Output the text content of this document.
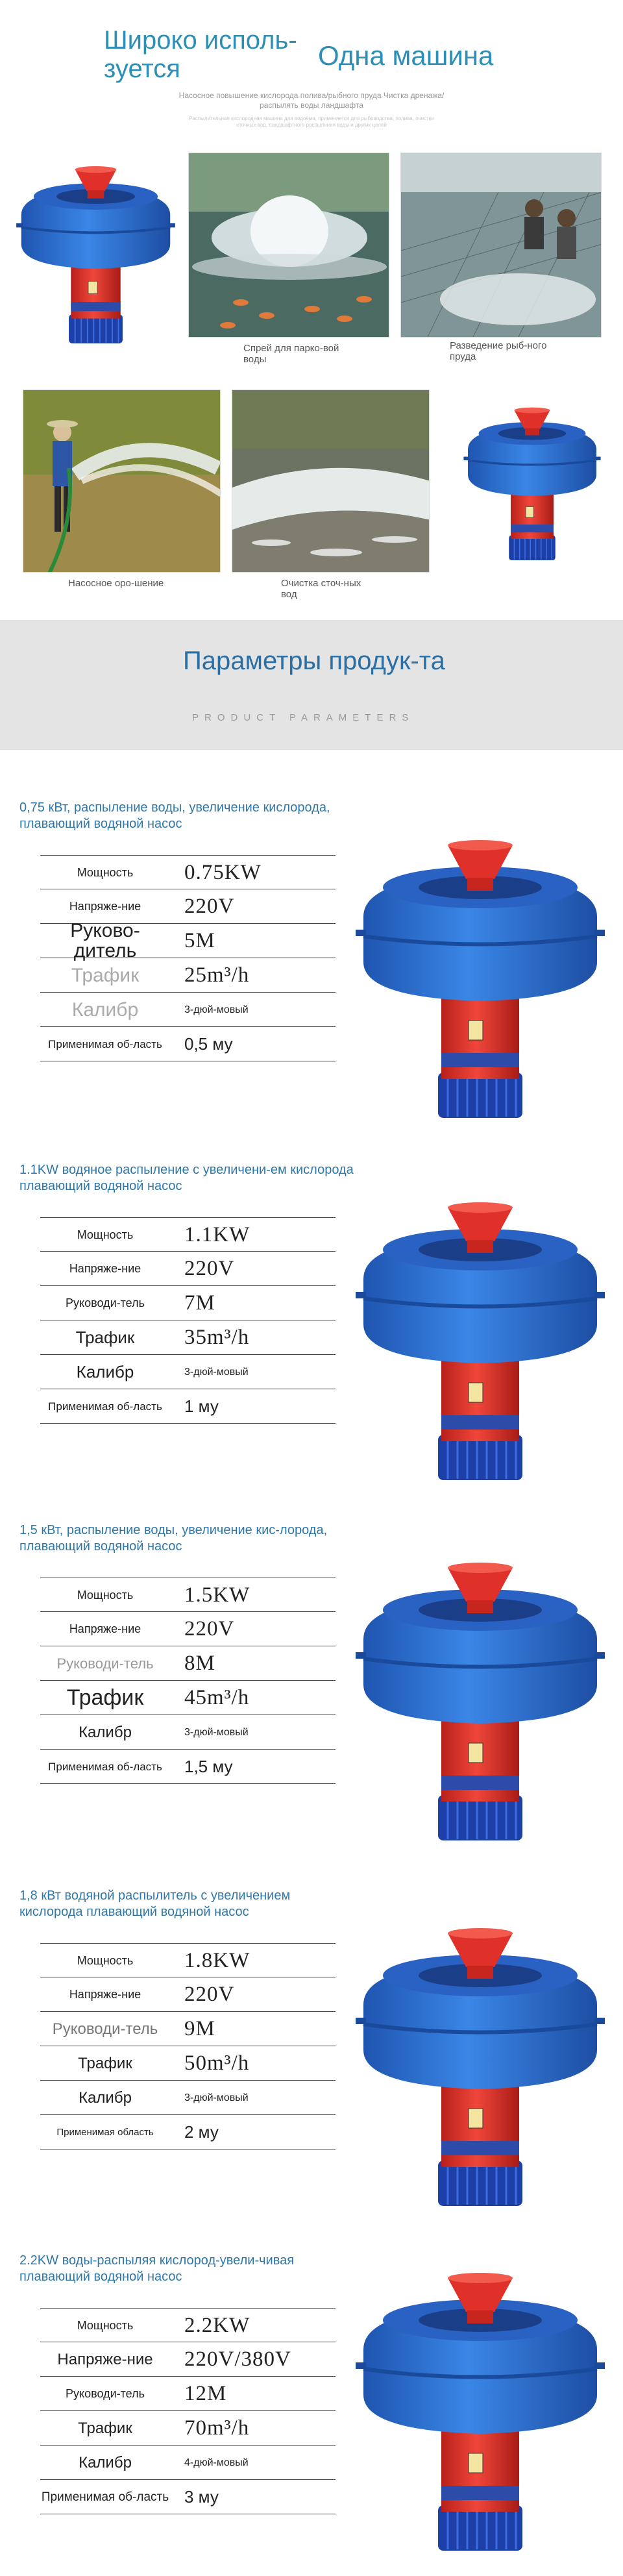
Широко исполь-зуется	Одна машина
Насосное повышение кислорода полива/рыбного пруда Чистка дренажа/распылять воды ландшафта
Распылительная кислородная машина для водоёма, применяется для рыбоводства, полива, очистки сточных вод, ландшафтного распыления воды и других целей
Спрей для парко-вой воды
Разведение рыб-ного пруда
Насосное оро-шение	Очистка сточ-ных вод
Параметры продук-та
PRODUCT PARAMETERS
0,75 кВт, распыление воды, увеличение кислорода, плавающий водяной насос
Мощность	0.75KW
Напряже-ние	220V
Руково-дитель	5M
Трафик	25m³/h
Калибр	3-дюй-мовый
Применимая об-ласть	0,5 му
1.1KW водяное распыление с увеличени-ем кислорода плавающий водяной насос
Мощность	1.1KW
Напряже-ние	220V
Руководи-тель	7M
Трафик	35m³/h
Калибр	3-дюй-мовый
Применимая об-ласть	1 му
1,5 кВт, распыление воды, увеличение кис-лорода, плавающий водяной насос
Мощность	1.5KW
Напряже-ние	220V
Руководи-тель	8M
Трафик	45m³/h
Калибр	3-дюй-мовый
Применимая об-ласть	1,5 му
1,8 кВт водяной распылитель с увеличением кислорода плавающий водяной насос
Мощность	1.8KW
Напряже-ние	220V
Руководи-тель	9M
Трафик	50m³/h
Калибр	3-дюй-мовый
Применимая область	2 му
2.2KW воды-распыляя кислород-увели-чивая плавающий водяной насос
Мощность	2.2KW
Напряже-ние	220V/380V
Руководи-тель	12M
Трафик	70m³/h
Калибр	4-дюй-мовый
Применимая об-ласть 3 му
